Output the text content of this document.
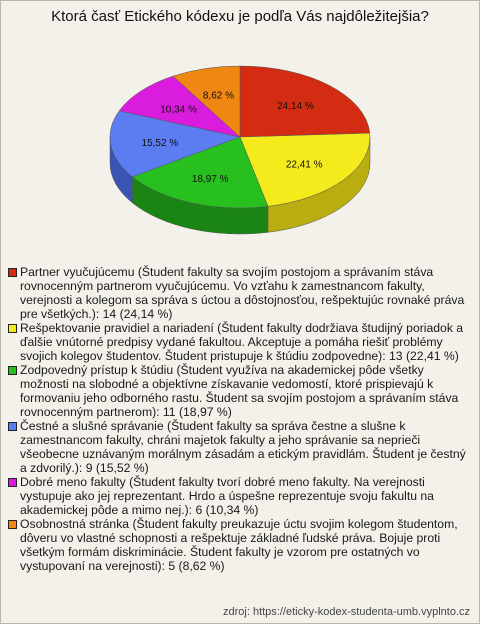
Ktorá časť Etického kódexu je podľa Vás najdôležitejšia?
24,14 %
22,41 %
18,97 %
15,52 %
10,34 %
8,62 %
Partner vyučujúcemu (Študent fakulty sa svojím postojom a správaním stáva rovnocenným partnerom vyučujúcemu. Vo vzťahu k zamestnancom fakulty, verejnosti a kolegom sa správa s úctou a dôstojnosťou, rešpektujúc rovnaké práva pre všetkých.): 14 (24,14 %)
Rešpektovanie pravidiel a nariadení (Študent fakulty dodržiava študijný poriadok a ďalšie vnútorné predpisy vydané fakultou. Akceptuje a pomáha riešiť problémy svojich kolegov študentov. Študent pristupuje k štúdiu zodpovedne): 13 (22,41 %)
Zodpovedný prístup k štúdiu (Študent využíva na akademickej pôde všetky možnosti na slobodné a objektívne získavanie vedomostí, ktoré prispievajú k formovaniu jeho odborného rastu. Študent sa svojím postojom a správaním stáva rovnocenným partnerom): 11 (18,97 %)
Čestné a slušné správanie (Študent fakulty sa správa čestne a slušne k zamestnancom fakulty, chráni majetok fakulty a jeho správanie sa neprieči všeobecne uznávaným morálnym zásadám a etickým pravidlám. Študent je čestný a zdvorilý.): 9 (15,52 %)
Dobré meno fakulty (Študent fakulty tvorí dobré meno fakulty. Na verejnosti vystupuje ako jej reprezentant. Hrdo a úspešne reprezentuje svoju fakultu na akademickej pôde a mimo nej.): 6 (10,34 %)
Osobnostná stránka (Študent fakulty preukazuje úctu svojim kolegom študentom, dôveru vo vlastné schopnosti a rešpektuje základné ľudské práva. Bojuje proti všetkým formám diskriminácie. Študent fakulty je vzorom pre ostatných vo vystupovaní na verejnosti): 5 (8,62 %)
zdroj: https://eticky-kodex-studenta-umb.vyplnto.cz
